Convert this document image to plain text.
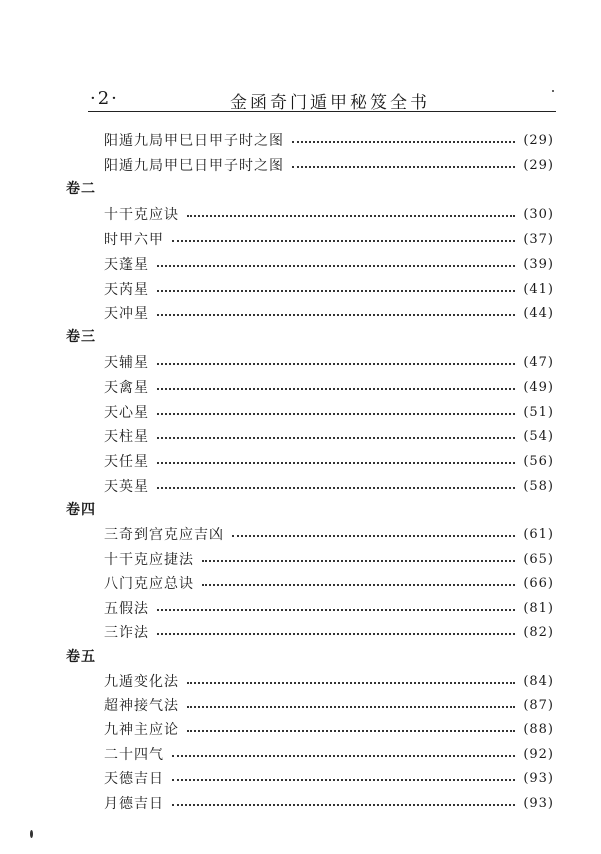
·2·	金函奇门遁甲秘笈全书
阳遁九局甲巳日甲子时之图	(29)
阳遁九局甲巳日甲子时之图	(29)
卷二
十干克应诀	(30)
时甲六甲	(37)
天蓬星	(39)
天芮星	(41)
天冲星	(44)
卷三
天辅星	(47)
天禽星	(49)
天心星	(51)
天柱星	(54)
天任星	(56)
天英星	(58)
卷四
三奇到宫克应吉凶	(61)
十干克应捷法	(65)
八门克应总诀	(66)
五假法	(81)
三诈法	(82)
卷五
九遁变化法	(84)
超神接气法	(87)
九神主应论	(88)
二十四气	(92)
天德吉日	(93)
月德吉日	(93)
